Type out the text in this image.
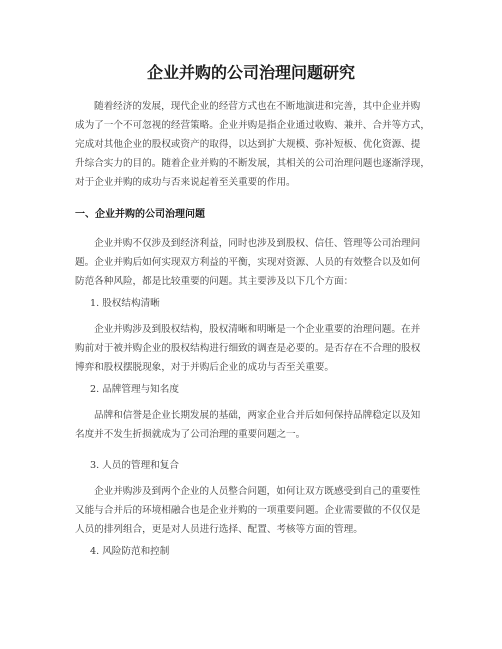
企业并购的公司治理问题研究
随着经济的发展，现代企业的经营方式也在不断地演进和完善，其中企业并购
成为了一个不可忽视的经营策略。企业并购是指企业通过收购、兼并、合并等方式，
完成对其他企业的股权或资产的取得，以达到扩大规模、弥补短板、优化资源、提
升综合实力的目的。随着企业并购的不断发展，其相关的公司治理问题也逐渐浮现，
对于企业并购的成功与否来说起着至关重要的作用。
一、企业并购的公司治理问题
企业并购不仅涉及到经济利益，同时也涉及到股权、信任、管理等公司治理问
题。企业并购后如何实现双方利益的平衡，实现对资源、人员的有效整合以及如何
防范各种风险，都是比较重要的问题。其主要涉及以下几个方面：

1. 股权结构清晰

企业并购涉及到股权结构，股权清晰和明晰是一个企业重要的治理问题。在并
购前对于被并购企业的股权结构进行细致的调查是必要的。是否存在不合理的股权
博弈和股权摆脱现象，对于并购后企业的成功与否至关重要。

2. 品牌管理与知名度

品牌和信誉是企业长期发展的基础，两家企业合并后如何保持品牌稳定以及知
名度并不发生折损就成为了公司治理的重要问题之一。

3. 人员的管理和复合

企业并购涉及到两个企业的人员整合问题，如何让双方既感受到自己的重要性
又能与合并后的环境相融合也是企业并购的一项重要问题。企业需要做的不仅仅是
人员的排列组合，更是对人员进行选择、配置、考核等方面的管理。

4. 风险防范和控制
